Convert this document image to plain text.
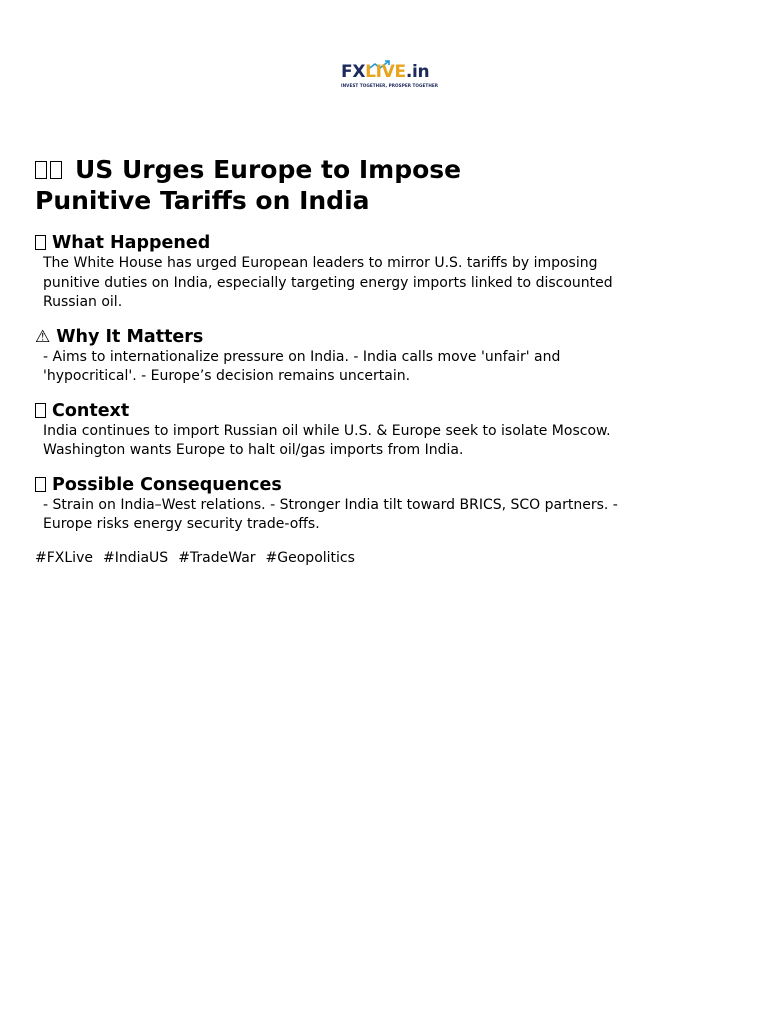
FXLIVE.in
INVEST TOGETHER, PROSPER TOGETHER
US Urges Europe to Impose Punitive Tariffs on India
What Happened

The White House has urged European leaders to mirror U.S. tariffs by imposing punitive duties on India, especially targeting energy imports linked to discounted Russian oil.

⚠ Why It Matters

- Aims to internationalize pressure on India. - India calls move 'unfair' and 'hypocritical'. - Europe’s decision remains uncertain.

Context

India continues to import Russian oil while U.S. & Europe seek to isolate Moscow. Washington wants Europe to halt oil/gas imports from India.

Possible Consequences

- Strain on India–West relations. - Stronger India tilt toward BRICS, SCO partners. - Europe risks energy security trade-offs.

#FXLive #IndiaUS #TradeWar #Geopolitics
